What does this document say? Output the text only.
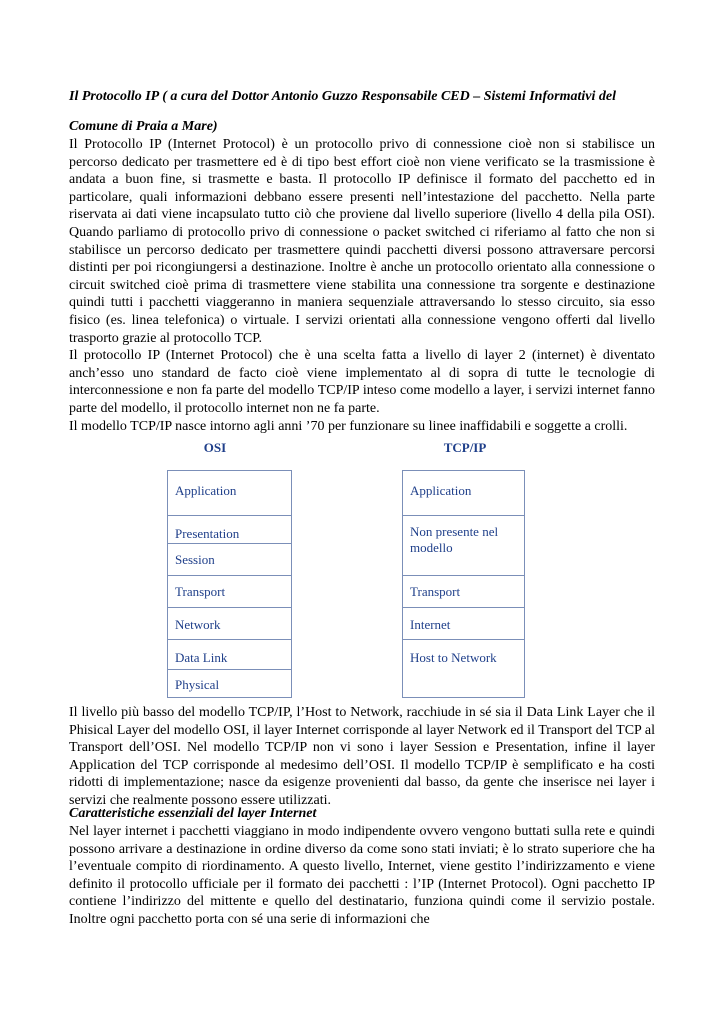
Il Protocollo IP ( a cura del Dottor Antonio Guzzo Responsabile CED – Sistemi Informativi del Comune di Praia a Mare)

Il Protocollo IP (Internet Protocol) è un protocollo privo di connessione cioè non si stabilisce un percorso dedicato per trasmettere ed è di tipo best effort cioè non viene verificato se la trasmissione è andata a buon fine, si trasmette e basta. Il protocollo IP definisce il formato del pacchetto ed in particolare, quali informazioni debbano essere presenti nell’intestazione del pacchetto. Nella parte riservata ai dati viene incapsulato tutto ciò che proviene dal livello superiore (livello 4 della pila OSI). Quando parliamo di protocollo privo di connessione o packet switched ci riferiamo al fatto che non si stabilisce un percorso dedicato per trasmettere quindi pacchetti diversi possono attraversare percorsi distinti per poi ricongiungersi a destinazione. Inoltre è anche un protocollo orientato alla connessione o circuit switched cioè prima di trasmettere viene stabilita una connessione tra sorgente e destinazione quindi tutti i pacchetti viaggeranno in maniera sequenziale attraversando lo stesso circuito, sia esso fisico (es. linea telefonica) o virtuale. I servizi orientati alla connessione vengono offerti dal livello trasporto grazie al protocollo TCP.
Il protocollo IP (Internet Protocol) che è una scelta fatta a livello di layer 2 (internet) è diventato anch’esso uno standard de facto cioè viene implementato al di sopra di tutte le tecnologie di interconnessione e non fa parte del modello TCP/IP inteso come modello a layer, i servizi internet fanno parte del modello, il protocollo internet non ne fa parte.
Il modello TCP/IP nasce intorno agli anni ’70 per funzionare su linee inaffidabili e soggette a crolli.
OSI
Application
Presentation
Session
Transport
Network
Data Link
Physical
TCP/IP
Application
Non presente nel modello
Transport
Internet
Host to Network

Il livello più basso del modello TCP/IP, l’Host to Network, racchiude in sé sia il Data Link Layer che il Phisical Layer del modello OSI, il layer Internet corrisponde al layer Network ed il Transport del TCP al Transport dell’OSI. Nel modello TCP/IP non vi sono i layer Session e Presentation, infine il layer Application del TCP corrisponde al medesimo dell’OSI. Il modello TCP/IP è semplificato e ha costi ridotti di implementazione; nasce da esigenze provenienti dal basso, da gente che inserisce nei layer i servizi che realmente possono essere utilizzati.

Caratteristiche essenziali del layer Internet

Nel layer internet i pacchetti viaggiano in modo indipendente ovvero vengono buttati sulla rete e quindi possono arrivare a destinazione in ordine diverso da come sono stati inviati; è lo strato superiore che ha l’eventuale compito di riordinamento. A questo livello, Internet, viene gestito l’indirizzamento e viene definito il protocollo ufficiale per il formato dei pacchetti : l’IP (Internet Protocol). Ogni pacchetto IP contiene l’indirizzo del mittente e quello del destinatario, funziona quindi come il servizio postale. Inoltre ogni pacchetto porta con sé una serie di informazioni che
